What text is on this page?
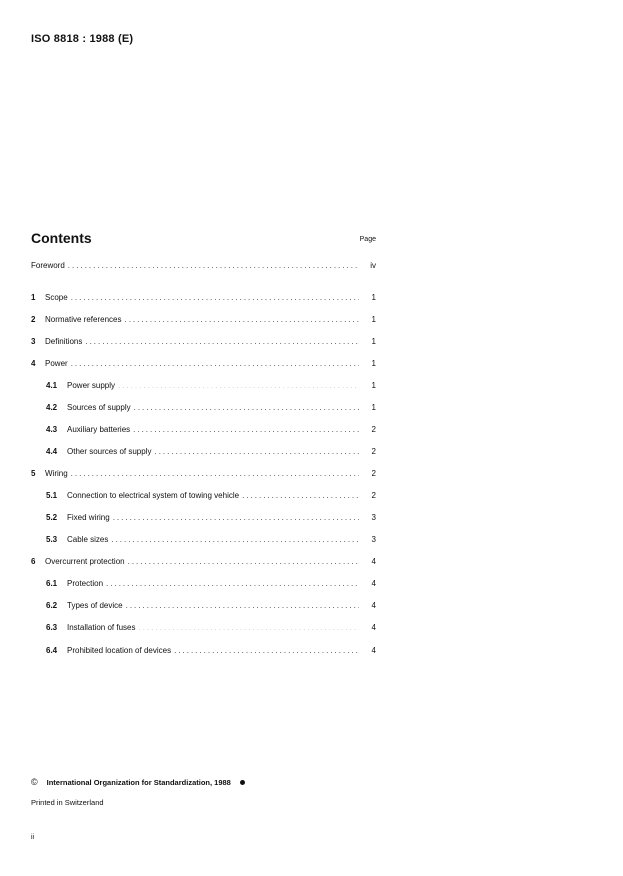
ISO 8818 : 1988 (E)
Contents	Page
Foreword .....	iv
1	Scope .....	1
2	Normative references .....	1
3	Definitions .....	1
4	Power .....	1
4.1	Power supply .....	1
4.2	Sources of supply .....	1
4.3	Auxiliary batteries .....	2
4.4	Other sources of supply .....	2
5	Wiring .....	2
5.1	Connection to electrical system of towing vehicle .....	2
5.2	Fixed wiring .....	3
5.3	Cable sizes .....	3
6	Overcurrent protection .....	4
6.1	Protection .....	4
6.2	Types of device .....	4
6.3	Installation of fuses .....	4
6.4	Prohibited location of devices .....	4
© International Organization for Standardization, 1988
Printed in Switzerland
ii
